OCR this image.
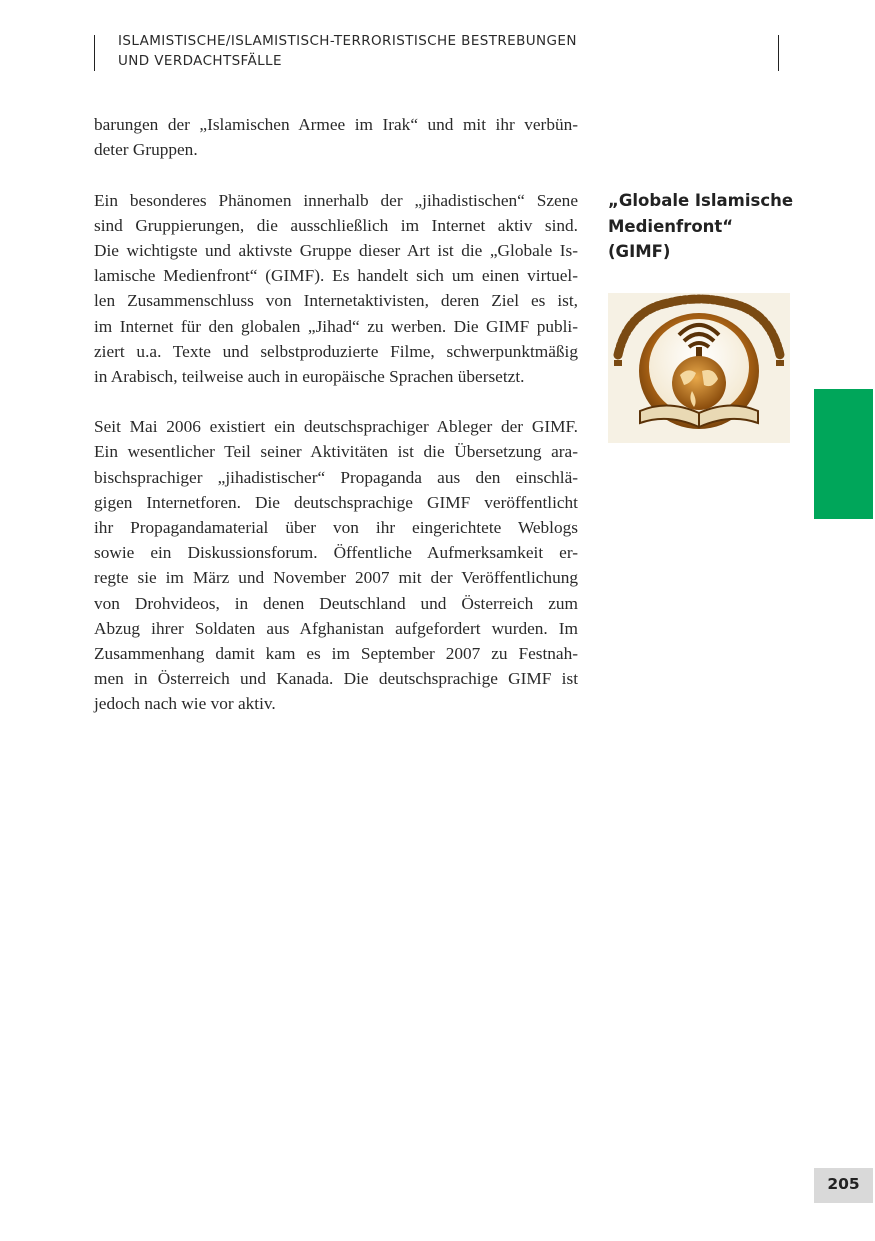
ISLAMISTISCHE/ISLAMISTISCH-TERRORISTISCHE BESTREBUNGEN
UND VERDACHTSFÄLLE

barungen der „Islamischen Armee im Irak“ und mit ihr verbün-
deter Gruppen.

Ein besonderes Phänomen innerhalb der „jihadistischen“ Szene
sind Gruppierungen, die ausschließlich im Internet aktiv sind.
Die wichtigste und aktivste Gruppe dieser Art ist die „Globale Is-
lamische Medienfront“ (GIMF). Es handelt sich um einen virtuel-
len Zusammenschluss von Internetaktivisten, deren Ziel es ist,
im Internet für den globalen „Jihad“ zu werben. Die GIMF publi-
ziert u.a. Texte und selbstproduzierte Filme, schwerpunktmäßig
in Arabisch, teilweise auch in europäische Sprachen übersetzt.

Seit Mai 2006 existiert ein deutschsprachiger Ableger der GIMF.
Ein wesentlicher Teil seiner Aktivitäten ist die Übersetzung ara-
bischsprachiger „jihadistischer“ Propaganda aus den einschlä-
gigen Internetforen. Die deutschsprachige GIMF veröffentlicht
ihr Propagandamaterial über von ihr eingerichtete Weblogs
sowie ein Diskussionsforum. Öffentliche Aufmerksamkeit er-
regte sie im März und November 2007 mit der Veröffentlichung
von Drohvideos, in denen Deutschland und Österreich zum
Abzug ihrer Soldaten aus Afghanistan aufgefordert wurden. Im
Zusammenhang damit kam es im September 2007 zu Festnah-
men in Österreich und Kanada. Die deutschsprachige GIMF ist
jedoch nach wie vor aktiv.

„Globale Islamische
Medienfront“
(GIMF)
205
